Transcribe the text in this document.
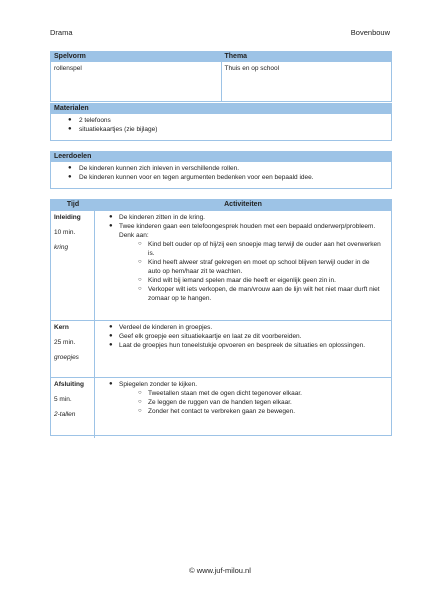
Drama	Bovenbouw
Spelvorm
rollenspel
Thema
Thuis en op school
Materialen
● 2 telefoons
● situatiekaartjes (zie bijlage)
Leerdoelen
● De kinderen kunnen zich inleven in verschillende rollen.
● De kinderen kunnen voor en tegen argumenten bedenken voor een bepaald idee.
Tijd	Activiteiten
Inleiding
10 min.
kring
● De kinderen zitten in de kring.
● Twee kinderen gaan een telefoongesprek houden met een bepaald onderwerp/probleem. Denk aan:
○ Kind belt ouder op of hij/zij een snoepje mag terwijl de ouder aan het overwerken is.
○ Kind heeft alweer straf gekregen en moet op school blijven terwijl ouder in de auto op hem/haar zit te wachten.
○ Kind wilt bij iemand spelen maar die heeft er eigenlijk geen zin in.
○ Verkoper wilt iets verkopen, de man/vrouw aan de lijn wilt het niet maar durft niet zomaar op te hangen.
Kern
25 min.
groepjes
● Verdeel de kinderen in groepjes.
● Geef elk groepje een situatiekaartje en laat ze dit voorbereiden.
● Laat de groepjes hun toneelstukje opvoeren en bespreek de situaties en oplossingen.
Afsluiting
5 min.
2-tallen
● Spiegelen zonder te kijken.
○ Tweetallen staan met de ogen dicht tegenover elkaar.
○ Ze leggen de ruggen van de handen tegen elkaar.
○ Zonder het contact te verbreken gaan ze bewegen.
© www.juf-milou.nl
